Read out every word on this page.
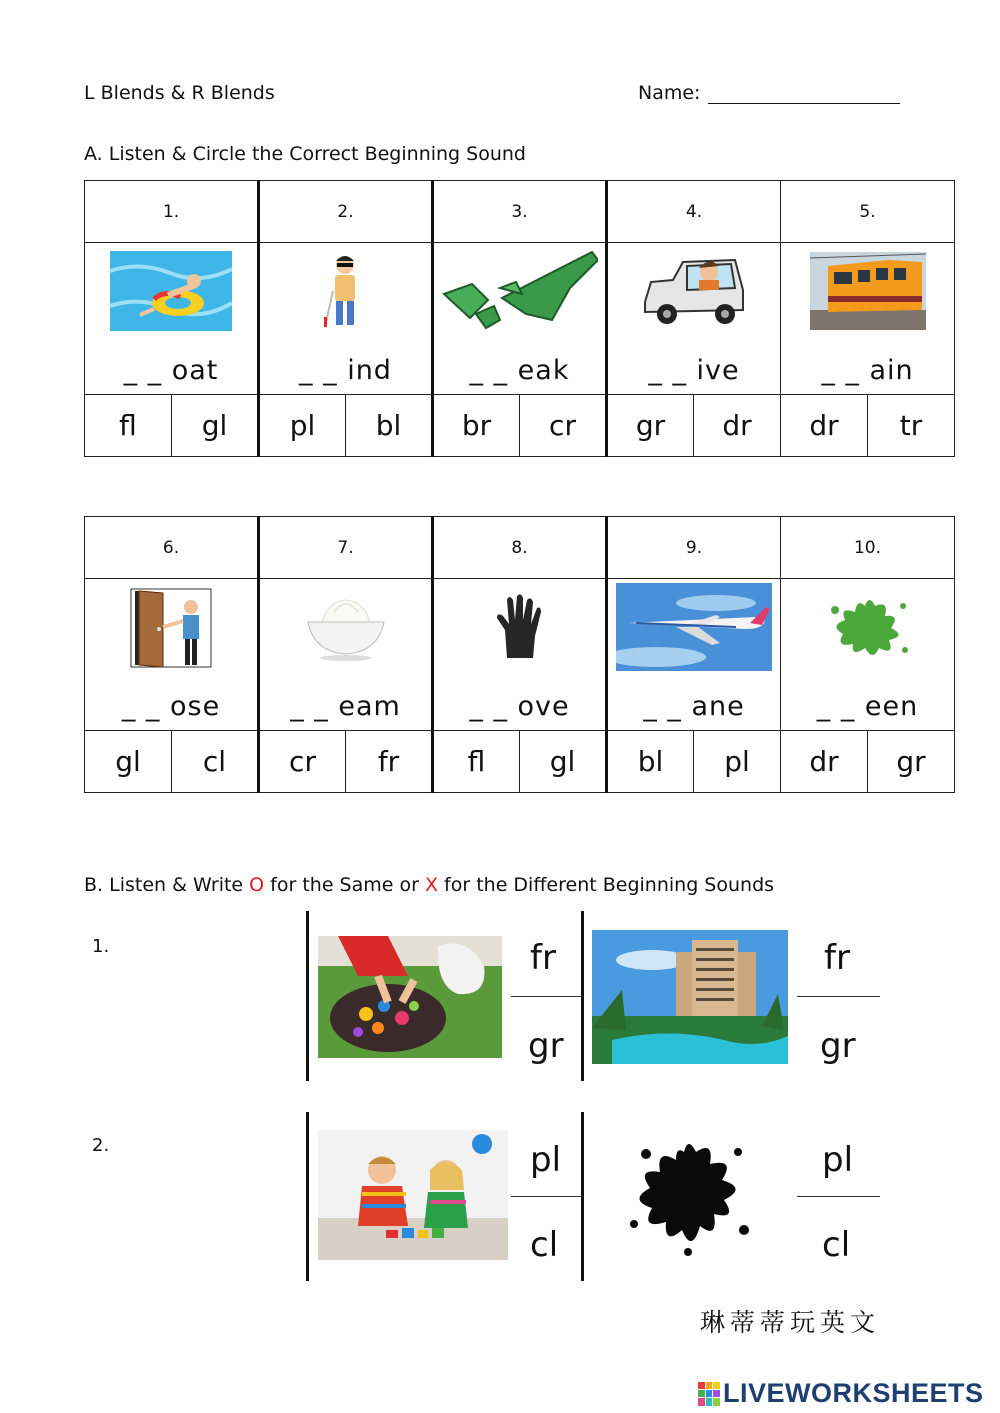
L Blends & R Blends	Name:
A. Listen & Circle the Correct Beginning Sound
1.		2.		3.		4.		5.	

_ _ oat		_ _ ind		_ _ eak		_ _ ive		_ _ ain	

fl	gl	pl	bl	br	cr	gr	dr	dr	tr
6.		7.		8.		9.		10.	

_ _ ose		_ _ eam		_ _ ove		_ _ ane		_ _ een	

gl	cl	cr	fr	fl	gl	bl	pl	dr	gr
B. Listen & Write O for the Same or X for the Different Beginning Sounds
1.	fr
gr
fr
gr
2.	pl
cl
pl
cl
琳蒂蒂玩英文
LIVEWORKSHEETS
